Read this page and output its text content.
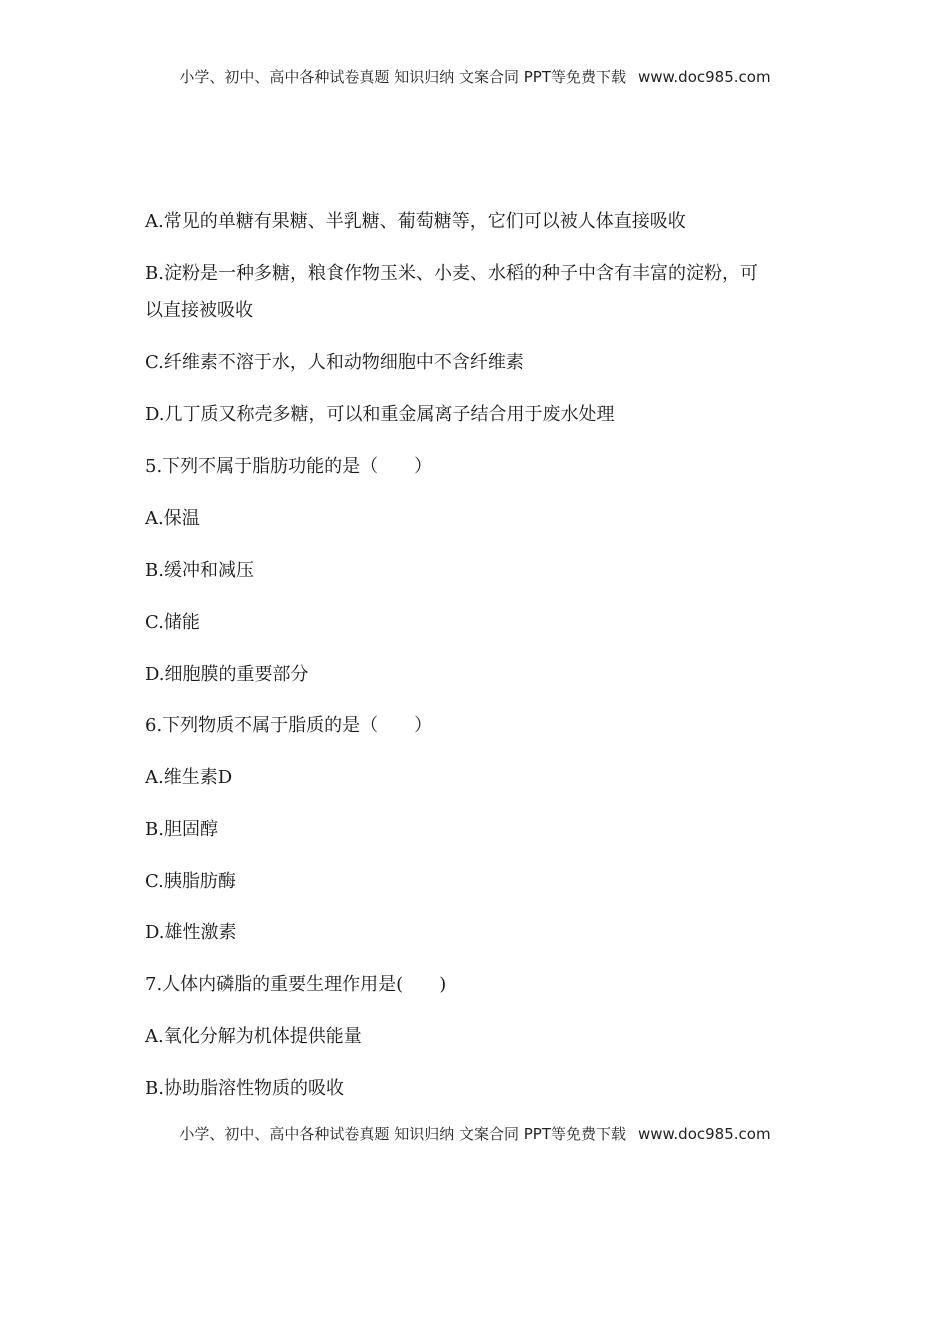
小学、初中、高中各种试卷真题 知识归纳 文案合同 PPT等免费下载 www.doc985.com
A.常见的单糖有果糖、半乳糖、葡萄糖等，它们可以被人体直接吸收
B.淀粉是一种多糖，粮食作物玉米、小麦、水稻的种子中含有丰富的淀粉，可
以直接被吸收
C.纤维素不溶于水，人和动物细胞中不含纤维素
D.几丁质又称壳多糖，可以和重金属离子结合用于废水处理
5.下列不属于脂肪功能的是（　　）
A.保温
B.缓冲和减压
C.储能
D.细胞膜的重要部分
6.下列物质不属于脂质的是（　　）
A.维生素D
B.胆固醇
C.胰脂肪酶
D.雄性激素
7.人体内磷脂的重要生理作用是(　　)
A.氧化分解为机体提供能量
B.协助脂溶性物质的吸收
小学、初中、高中各种试卷真题 知识归纳 文案合同 PPT等免费下载 www.doc985.com
